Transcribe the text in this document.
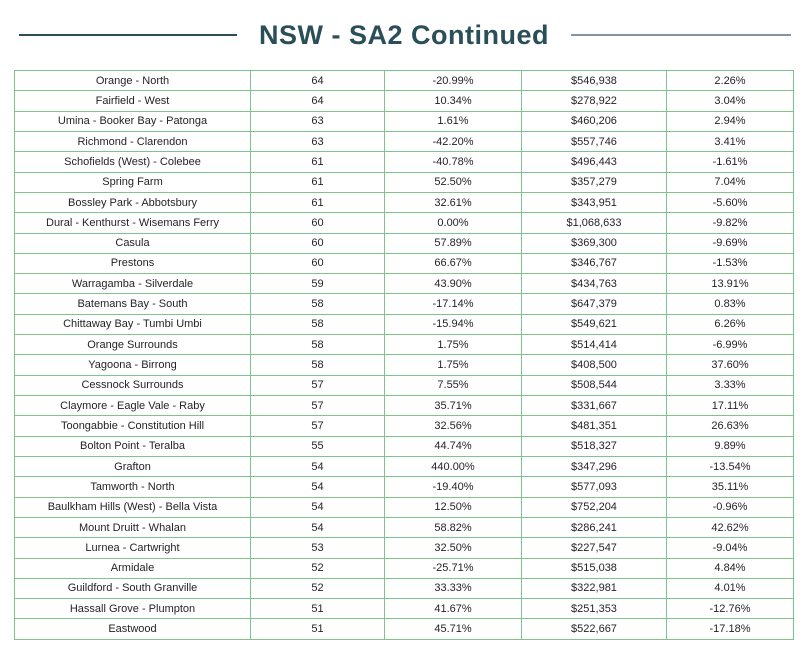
NSW - SA2 Continued
Orange - North	64	-20.99%	$546,938	2.26%
Fairfield - West	64	10.34%	$278,922	3.04%
Umina - Booker Bay - Patonga	63	1.61%	$460,206	2.94%
Richmond - Clarendon	63	-42.20%	$557,746	3.41%
Schofields (West) - Colebee	61	-40.78%	$496,443	-1.61%
Spring Farm	61	52.50%	$357,279	7.04%
Bossley Park - Abbotsbury	61	32.61%	$343,951	-5.60%
Dural - Kenthurst - Wisemans Ferry	60	0.00%	$1,068,633	-9.82%
Casula	60	57.89%	$369,300	-9.69%
Prestons	60	66.67%	$346,767	-1.53%
Warragamba - Silverdale	59	43.90%	$434,763	13.91%
Batemans Bay - South	58	-17.14%	$647,379	0.83%
Chittaway Bay - Tumbi Umbi	58	-15.94%	$549,621	6.26%
Orange Surrounds	58	1.75%	$514,414	-6.99%
Yagoona - Birrong	58	1.75%	$408,500	37.60%
Cessnock Surrounds	57	7.55%	$508,544	3.33%
Claymore - Eagle Vale - Raby	57	35.71%	$331,667	17.11%
Toongabbie - Constitution Hill	57	32.56%	$481,351	26.63%
Bolton Point - Teralba	55	44.74%	$518,327	9.89%
Grafton	54	440.00%	$347,296	-13.54%
Tamworth - North	54	-19.40%	$577,093	35.11%
Baulkham Hills (West) - Bella Vista	54	12.50%	$752,204	-0.96%
Mount Druitt - Whalan	54	58.82%	$286,241	42.62%
Lurnea - Cartwright	53	32.50%	$227,547	-9.04%
Armidale	52	-25.71%	$515,038	4.84%
Guildford - South Granville	52	33.33%	$322,981	4.01%
Hassall Grove - Plumpton	51	41.67%	$251,353	-12.76%
Eastwood	51	45.71%	$522,667	-17.18%
